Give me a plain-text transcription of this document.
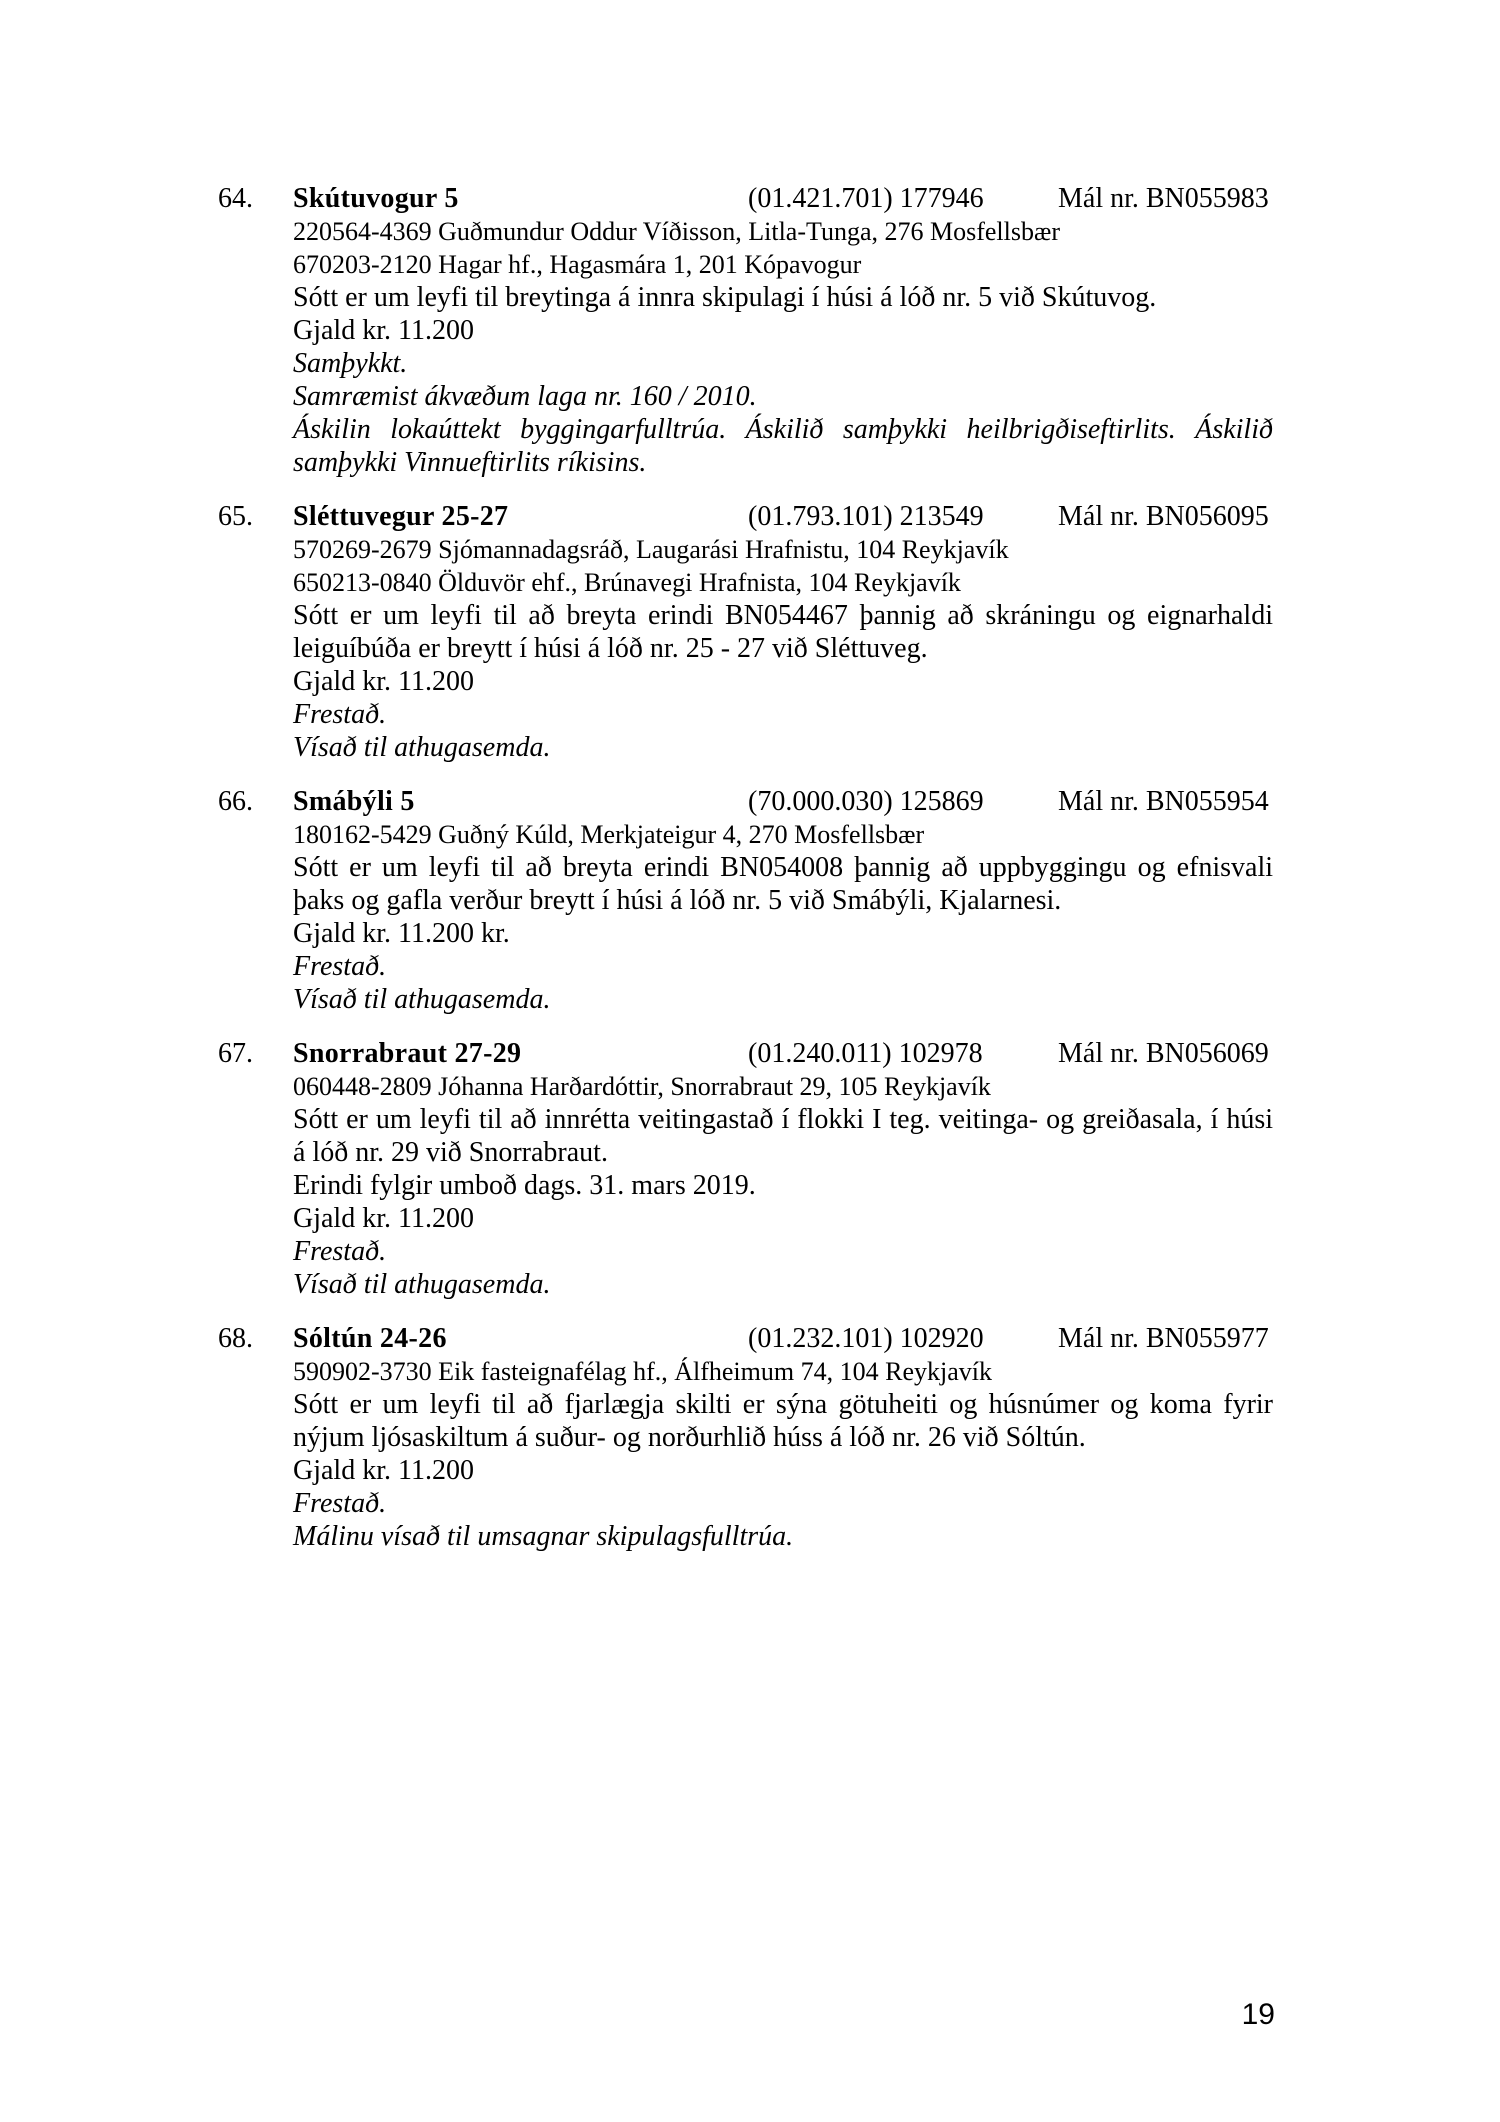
64. Skútuvogur 5	(01.421.701) 177946	Mál nr. BN055983
220564-4369 Guðmundur Oddur Víðisson, Litla-Tunga, 276 Mosfellsbær
670203-2120 Hagar hf., Hagasmára 1, 201 Kópavogur
Sótt er um leyfi til breytinga á innra skipulagi í húsi á lóð nr. 5 við Skútuvog.
Gjald kr. 11.200
Samþykkt.
Samræmist ákvæðum laga nr. 160 / 2010.
Áskilin lokaúttekt byggingarfulltrúa. Áskilið samþykki heilbrigðiseftirlits. Áskilið samþykki Vinnueftirlits ríkisins.
65. Sléttuvegur 25-27	(01.793.101) 213549	Mál nr. BN056095
570269-2679 Sjómannadagsráð, Laugarási Hrafnistu, 104 Reykjavík
650213-0840 Ölduvör ehf., Brúnavegi Hrafnista, 104 Reykjavík
Sótt er um leyfi til að breyta erindi BN054467 þannig að skráningu og eignarhaldi leiguíbúða er breytt í húsi á lóð nr. 25 - 27 við Sléttuveg.
Gjald kr. 11.200
Frestað.
Vísað til athugasemda.
66. Smábýli 5	(70.000.030) 125869	Mál nr. BN055954
180162-5429 Guðný Kúld, Merkjateigur 4, 270 Mosfellsbær
Sótt er um leyfi til að breyta erindi BN054008 þannig að uppbyggingu og efnisvali þaks og gafla verður breytt í húsi á lóð nr. 5 við Smábýli, Kjalarnesi.
Gjald kr. 11.200 kr.
Frestað.
Vísað til athugasemda.
67. Snorrabraut 27-29	(01.240.011) 102978	Mál nr. BN056069
060448-2809 Jóhanna Harðardóttir, Snorrabraut 29, 105 Reykjavík
Sótt er um leyfi til að innrétta veitingastað í flokki I teg. veitinga- og greiðasala, í húsi á lóð nr. 29 við Snorrabraut.
Erindi fylgir umboð dags. 31. mars 2019.
Gjald kr. 11.200
Frestað.
Vísað til athugasemda.
68. Sóltún 24-26	(01.232.101) 102920	Mál nr. BN055977
590902-3730 Eik fasteignafélag hf., Álfheimum 74, 104 Reykjavík
Sótt er um leyfi til að fjarlægja skilti er sýna götuheiti og húsnúmer og koma fyrir nýjum ljósaskiltum á suður- og norðurhlið húss á lóð nr. 26 við Sóltún.
Gjald kr. 11.200
Frestað.
Málinu vísað til umsagnar skipulagsfulltrúa.
19
